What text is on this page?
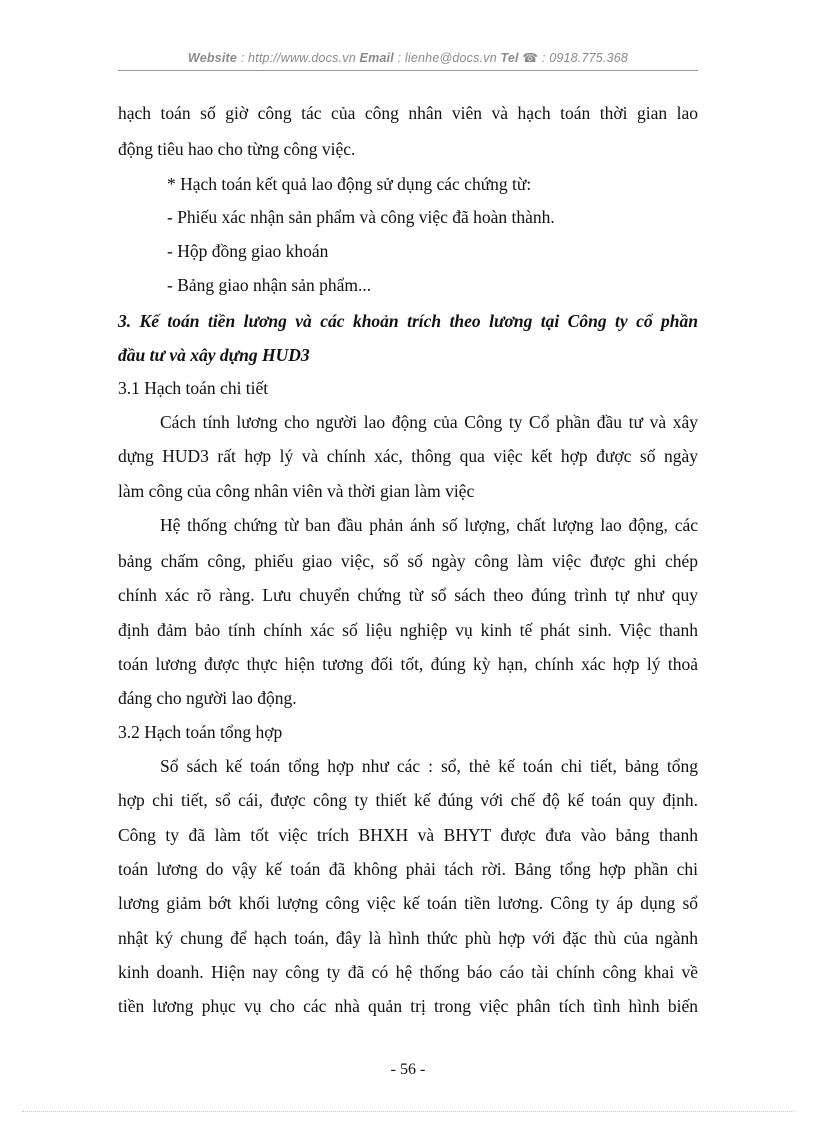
Website : http://www.docs.vn Email : lienhe@docs.vn Tel ☎ : 0918.775.368
hạch toán số giờ công tác của công nhân viên và hạch toán thời gian lao
động tiêu hao cho từng công việc.
* Hạch toán kết quả lao động sử dụng các chứng từ:
- Phiếu xác nhận sản phẩm và công việc đã hoàn thành.
- Hộp đồng giao khoán
- Bảng giao nhận sản phẩm...
3. Kế toán tiền lương và các khoản trích theo lương tại Công ty cổ phần
đầu tư và xây dựng HUD3
3.1 Hạch toán chi tiết
Cách tính lương cho người lao động của Công ty Cổ phần đầu tư và xây
dựng HUD3 rất hợp lý và chính xác, thông qua việc kết hợp được số ngày
làm công của công nhân viên và thời gian làm việc
Hệ thống chứng từ ban đầu phản ánh số lượng, chất lượng lao động, các
bảng chấm công, phiếu giao việc, sổ số ngày công làm việc được ghi chép
chính xác rõ ràng. Lưu chuyển chứng từ sổ sách theo đúng trình tự như quy
định đảm bảo tính chính xác số liệu nghiệp vụ kinh tế phát sinh. Việc thanh
toán lương được thực hiện tương đối tốt, đúng kỳ hạn, chính xác hợp lý thoả
đáng cho người lao động.
3.2 Hạch toán tổng hợp
Sổ sách kế toán tổng hợp như các : sổ, thẻ kế toán chi tiết, bảng tổng
hợp chi tiết, sổ cái, được công ty thiết kế đúng với chế độ kế toán quy định.
Công ty đã làm tốt việc trích BHXH và BHYT được đưa vào bảng thanh
toán lương do vậy kế toán đã không phải tách rời. Bảng tổng hợp phần chi
lương giảm bớt khối lượng công việc kế toán tiền lương. Công ty áp dụng sổ
nhật ký chung để hạch toán, đây là hình thức phù hợp với đặc thù của ngành
kinh doanh. Hiện nay công ty đã có hệ thống báo cáo tài chính công khai về
tiền lương phục vụ cho các nhà quản trị trong việc phân tích tình hình biến
- 56 -
